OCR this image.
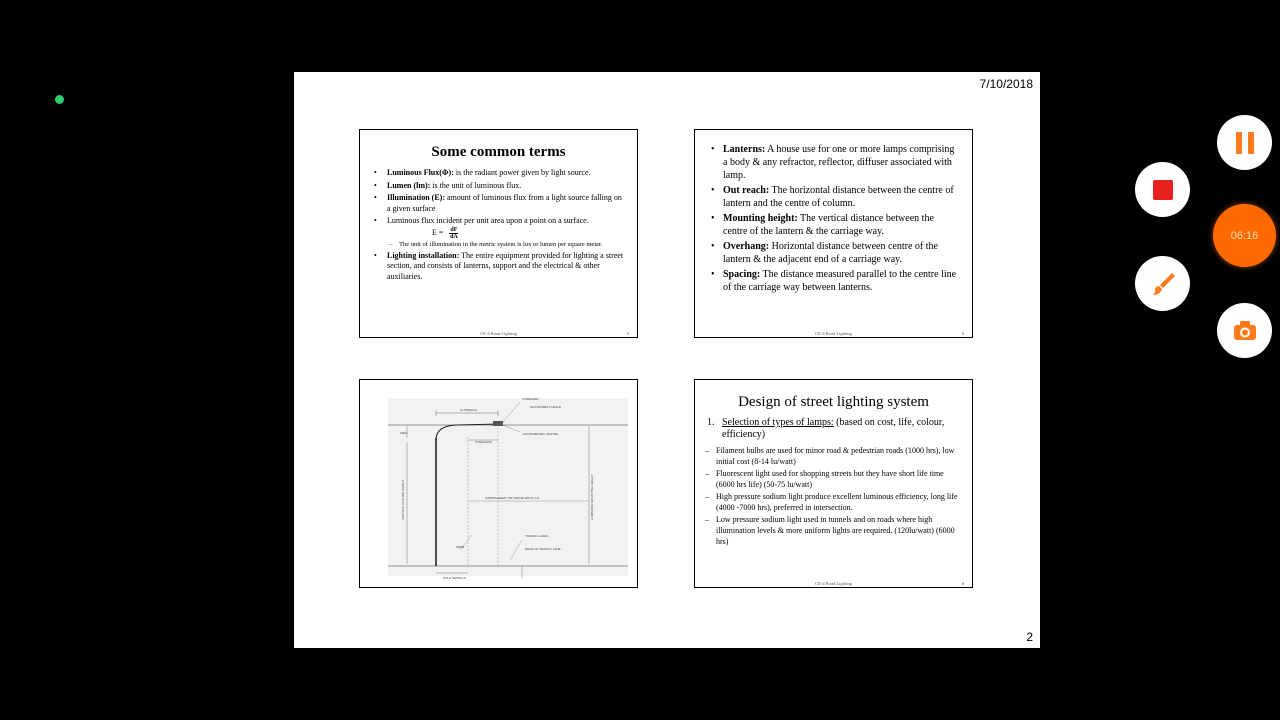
7/10/2018
Some common terms
• Luminous Flux(Φ): is the radiant power given by light source.
• Lumen (lm): is the unit of luminous flux.
• Illumination (E): amount of luminous flux from a light source falling on a given surface
• Luminous flux incident per unit area upon a point on a surface.
$E = \frac{dF}{dA}$
– The unit of illumination in the metric system is lux or lumen per square meter.
• Lighting installation: The entire equipment provided for lighting a street section, and consists of lanterns, support and the electrical & other auxiliaries.
CE-4 Road Lighting	5
• Lanterns: A house use for one or more lamps comprising a body & any refractor, reflector, diffuser associated with lamp.
• Out reach: The horizontal distance between the centre of lantern and the centre of column.
• Mounting height: The vertical distance between the centre of the lantern & the carriage way.
• Overhang: Horizontal distance between centre of the lantern & the adjacent end of a carriage way.
• Spacing: The distance measured parallel to the centre line of the carriage way between lanterns.
CE-4 Road Lighting	6
OUTREACH
LUMINAIRE
ADJUSTMENT ANGLE
PHOTOMETRIC CENTRE
OVERHANG
ARM
CARRIAGEWAY OR VERGE WIDTH etc.	LUMINAIRE MOUNTING HEIGHT
VERTICAL COLUMN HEIGHT
KERB
TRAFFIC LANES
EDGE OF TRAFFIC LANE
POLE SETBACK
Design of street lighting system
1. Selection of types of lamps: (based on cost, life, colour, efficiency)
– Filament bulbs are used for minor road & pedestrian roads (1000 hrs), low initial cost (8-14 lu/watt)
– Fluorescent light used for shopping streets but they have short life time (6000 hrs life) (50-75 lu/watt)
– High pressure sodium light produce excellent luminous efficiency, long life (4000 -7000 hrs), preferred in intersection.
– Low pressure sodium light used in tunnels and on roads where high illumination levels & more uniform lights are required. (120lu/watt) (6000 hrs)
CE-4 Road Lighting	8
2
06:16
